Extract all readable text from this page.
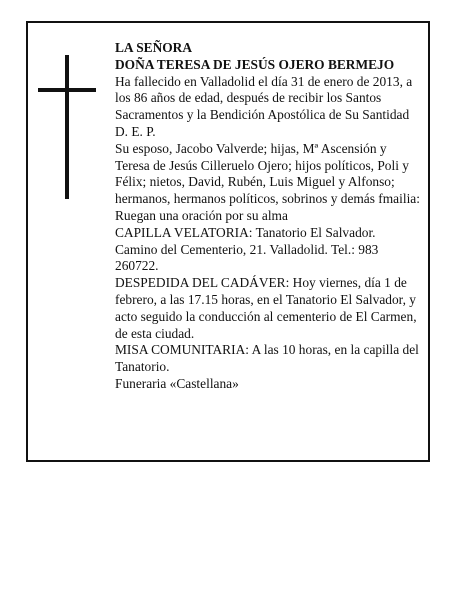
LA SEÑORA

DOÑA TERESA DE JESÚS OJERO BERMEJO

Ha fallecido en Valladolid el día 31 de enero de 2013, a los 86 años de edad, después de recibir los Santos Sacramentos y la Bendición Apostólica de Su Santidad D. E. P.

Su esposo, Jacobo Valverde; hijas, Mª Ascensión y Teresa de Jesús Cilleruelo Ojero; hijos políticos, Poli y Félix; nietos, David, Rubén, Luis Miguel y Alfonso; hermanos, hermanos políticos, sobrinos y demás fmailia:

Ruegan una oración por su alma

CAPILLA VELATORIA: Tanatorio El Salvador. Camino del Cementerio, 21. Valladolid. Tel.: 983 260722.

DESPEDIDA DEL CADÁVER: Hoy viernes, día 1 de febrero, a las 17.15 horas, en el Tanatorio El Salvador, y acto seguido la conducción al cementerio de El Carmen, de esta ciudad.

MISA COMUNITARIA: A las 10 horas, en la capilla del Tanatorio.

Funeraria «Castellana»
